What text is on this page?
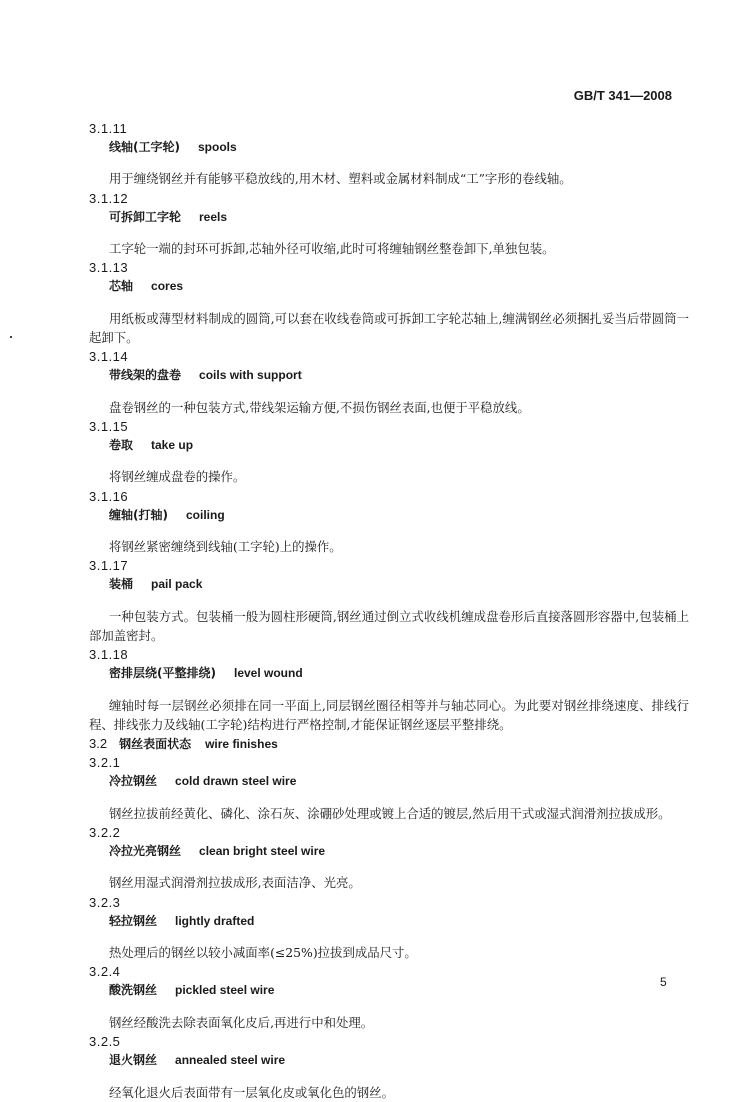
GB/T 341—2008
3.1.11
线轴(工字轮) spools

用于缠绕钢丝并有能够平稳放线的,用木材、塑料或金属材料制成“工”字形的卷线轴。

3.1.12
可拆卸工字轮 reels

工字轮一端的封环可拆卸,芯轴外径可收缩,此时可将缠轴钢丝整卷卸下,单独包装。

3.1.13
芯轴 cores

用纸板或薄型材料制成的圆筒,可以套在收线卷筒或可拆卸工字轮芯轴上,缠满钢丝必须捆扎妥当后带圆筒一起卸下。

3.1.14
带线架的盘卷 coils with support

盘卷钢丝的一种包装方式,带线架运输方便,不损伤钢丝表面,也便于平稳放线。

3.1.15
卷取 take up

将钢丝缠成盘卷的操作。

3.1.16
缠轴(打轴) coiling

将钢丝紧密缠绕到线轴(工字轮)上的操作。

3.1.17
装桶 pail pack

一种包装方式。包装桶一般为圆柱形硬筒,钢丝通过倒立式收线机缠成盘卷形后直接落圆形容器中,包装桶上部加盖密封。

3.1.18
密排层绕(平整排绕) level wound

缠轴时每一层钢丝必须排在同一平面上,同层钢丝圈径相等并与轴芯同心。为此要对钢丝排绕速度、排线行程、排线张力及线轴(工字轮)结构进行严格控制,才能保证钢丝逐层平整排绕。

3.2 钢丝表面状态 wire finishes
3.2.1
冷拉钢丝 cold drawn steel wire

钢丝拉拔前经黄化、磷化、涂石灰、涂硼砂处理或镀上合适的镀层,然后用干式或湿式润滑剂拉拔成形。

3.2.2
冷拉光亮钢丝 clean bright steel wire

钢丝用湿式润滑剂拉拔成形,表面洁净、光亮。

3.2.3
轻拉钢丝 lightly drafted

热处理后的钢丝以较小减面率(≤25%)拉拔到成品尺寸。

3.2.4
酸洗钢丝 pickled steel wire

钢丝经酸洗去除表面氧化皮后,再进行中和处理。

3.2.5
退火钢丝 annealed steel wire

经氧化退火后表面带有一层氧化皮或氧化色的钢丝。

5
